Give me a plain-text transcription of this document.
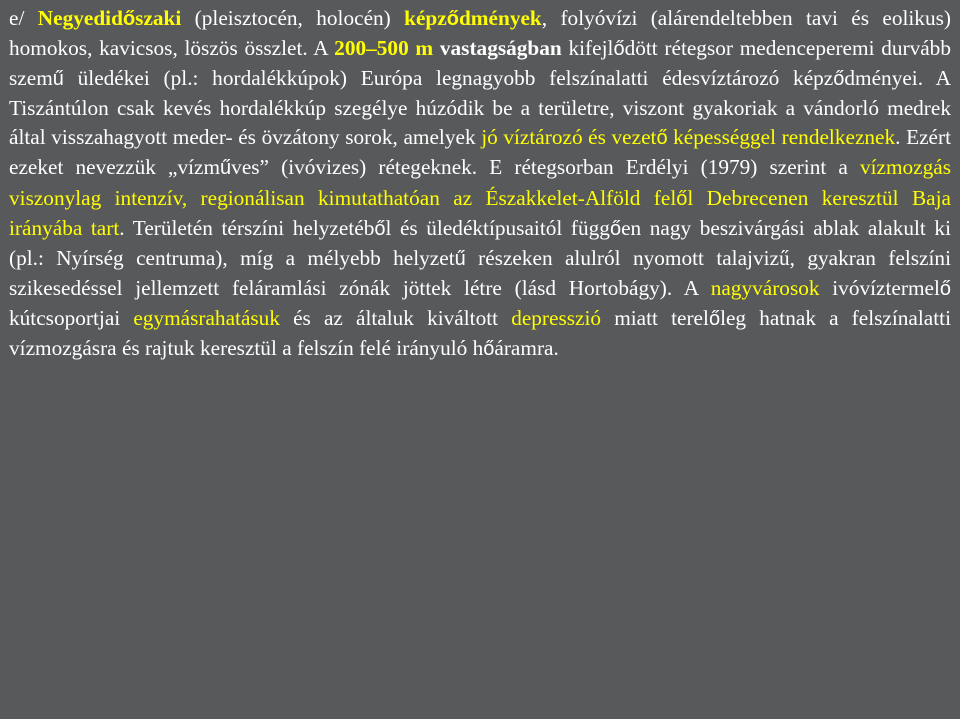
e/ Negyedidőszaki (pleisztocén, holocén) képződmények, folyóvízi (alárendeltebben tavi és eolikus) homokos, kavicsos, löszös összlet. A 200–500 m vastagságban kifejlődött rétegsor medenceperemi durvább szemű üledékei (pl.: hordalékkúpok) Európa legnagyobb felszínalatti édesvíztározó képződményei. A Tiszántúlon csak kevés hordalékkúp szegélye húzódik be a területre, viszont gyakoriak a vándorló medrek által visszahagyott meder- és övzátony sorok, amelyek jó víztározó és vezető képességgel rendelkeznek. Ezért ezeket nevezzük „vízműves” (ivóvizes) rétegeknek. E rétegsorban Erdélyi (1979) szerint a vízmozgás viszonylag intenzív, regionálisan kimutathatóan az Északkelet-Alföld felől Debrecenen keresztül Baja irányába tart. Területén térszíni helyzetéből és üledéktípusaitól függően nagy beszivárgási ablak alakult ki (pl.: Nyírség centruma), míg a mélyebb helyzetű részeken alulról nyomott talajvizű, gyakran felszíni szikesedéssel jellemzett feláramlási zónák jöttek létre (lásd Hortobágy). A nagyvárosok ivóvíztermelő kútcsoportjai egymásrahatásuk és az általuk kiváltott depresszió miatt terelőleg hatnak a felszínalatti vízmozgásra és rajtuk keresztül a felszín felé irányuló hőáramra.
